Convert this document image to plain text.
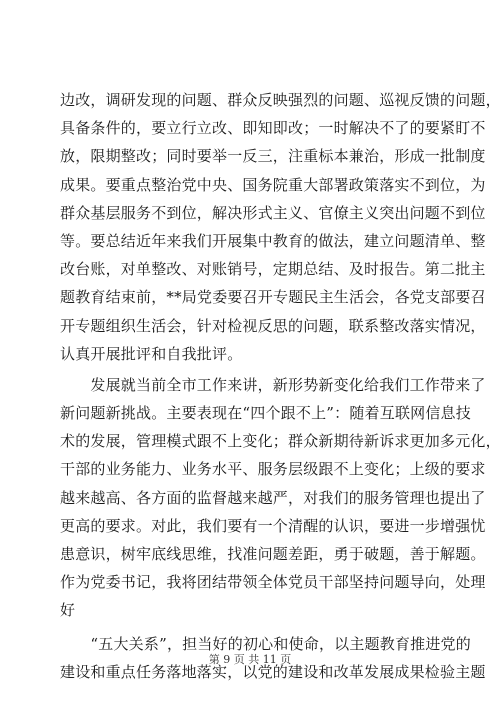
边改，调研发现的问题、群众反映强烈的问题、巡视反馈的问题，
具备条件的，要立行立改、即知即改；一时解决不了的要紧盯不
放，限期整改；同时要举一反三，注重标本兼治，形成一批制度
成果。要重点整治党中央、国务院重大部署政策落实不到位，为
群众基层服务不到位，解决形式主义、官僚主义突出问题不到位
等。要总结近年来我们开展集中教育的做法，建立问题清单、整
改台账，对单整改、对账销号，定期总结、及时报告。第二批主
题教育结束前，**局党委要召开专题民主生活会，各党支部要召
开专题组织生活会，针对检视反思的问题，联系整改落实情况，
认真开展批评和自我批评。
　　发展就当前全市工作来讲，新形势新变化给我们工作带来了
新问题新挑战。主要表现在“四个跟不上”：随着互联网信息技
术的发展，管理模式跟不上变化；群众新期待新诉求更加多元化，
干部的业务能力、业务水平、服务层级跟不上变化；上级的要求
越来越高、各方面的监督越来越严，对我们的服务管理也提出了
更高的要求。对此，我们要有一个清醒的认识，要进一步增强忧
患意识，树牢底线思维，找准问题差距，勇于破题，善于解题。
作为党委书记，我将团结带领全体党员干部坚持问题导向，处理
好
　　“五大关系”，担当好的初心和使命，以主题教育推进党的
建设和重点任务落地落实，以党的建设和改革发展成果检验主题
第 9 页 共 11 页
